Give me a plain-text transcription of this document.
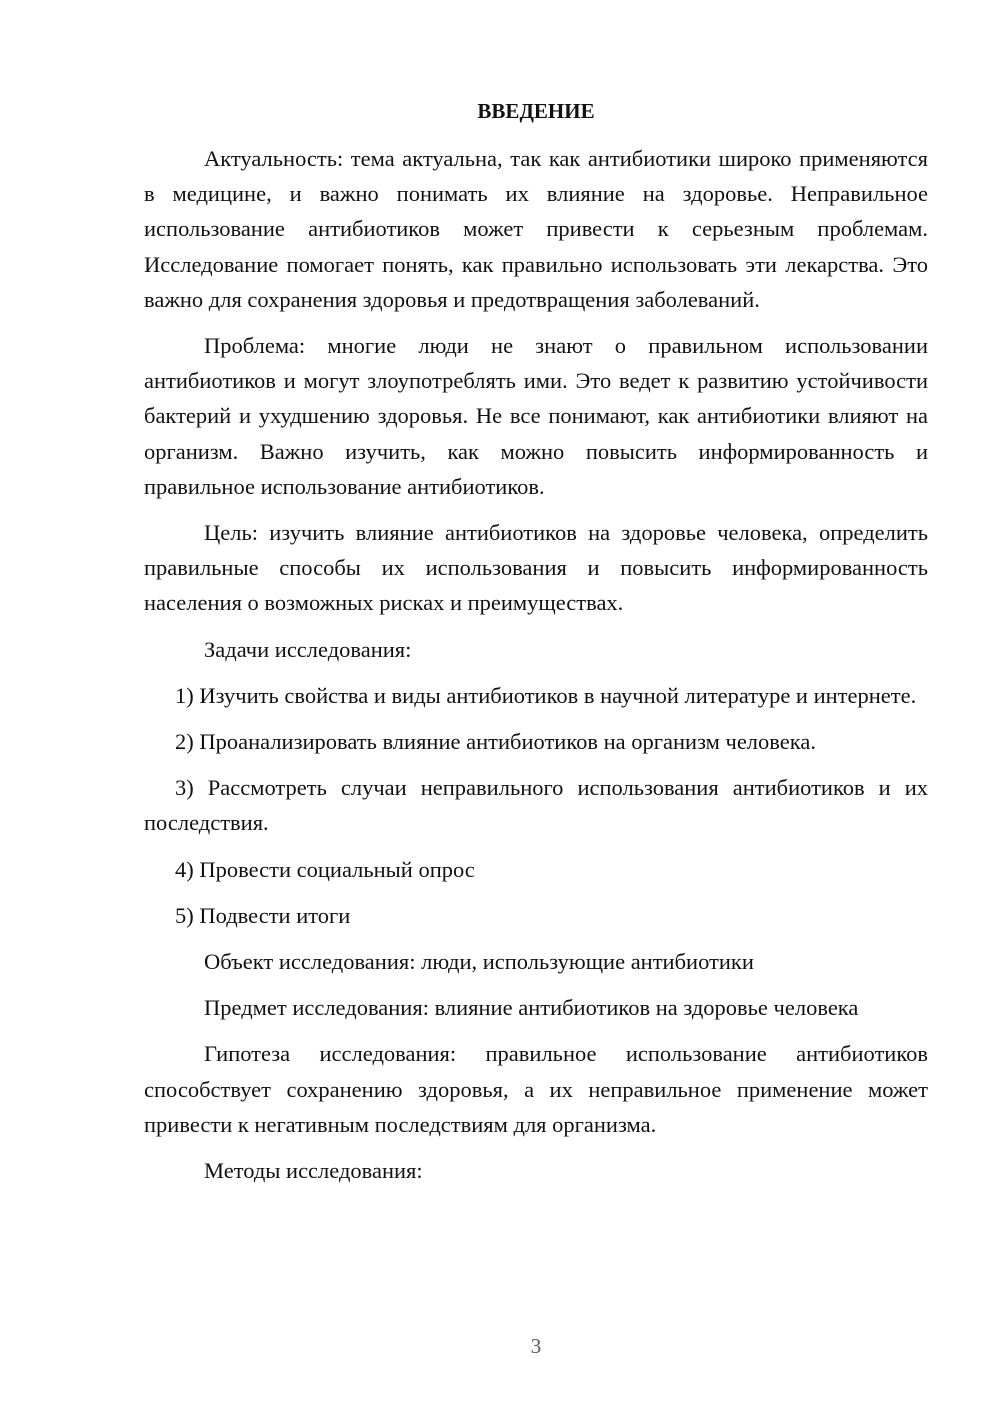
ВВЕДЕНИЕ

Актуальность: тема актуальна, так как антибиотики широко применяются в медицине, и важно понимать их влияние на здоровье. Неправильное использование антибиотиков может привести к серьезным проблемам. Исследование помогает понять, как правильно использовать эти лекарства. Это важно для сохранения здоровья и предотвращения заболеваний.

Проблема: многие люди не знают о правильном использовании антибиотиков и могут злоупотреблять ими. Это ведет к развитию устойчивости бактерий и ухудшению здоровья. Не все понимают, как антибиотики влияют на организм. Важно изучить, как можно повысить информированность и правильное использование антибиотиков.

Цель: изучить влияние антибиотиков на здоровье человека, определить правильные способы их использования и повысить информированность населения о возможных рисках и преимуществах.

Задачи исследования:

1) Изучить свойства и виды антибиотиков в научной литературе и интернете.

2) Проанализировать влияние антибиотиков на организм человека.

3) Рассмотреть случаи неправильного использования антибиотиков и их последствия.

4) Провести социальный опрос

5) Подвести итоги

Объект исследования: люди, использующие антибиотики

Предмет исследования: влияние антибиотиков на здоровье человека

Гипотеза исследования: правильное использование антибиотиков способствует сохранению здоровья, а их неправильное применение может привести к негативным последствиям для организма.

Методы исследования:

3
